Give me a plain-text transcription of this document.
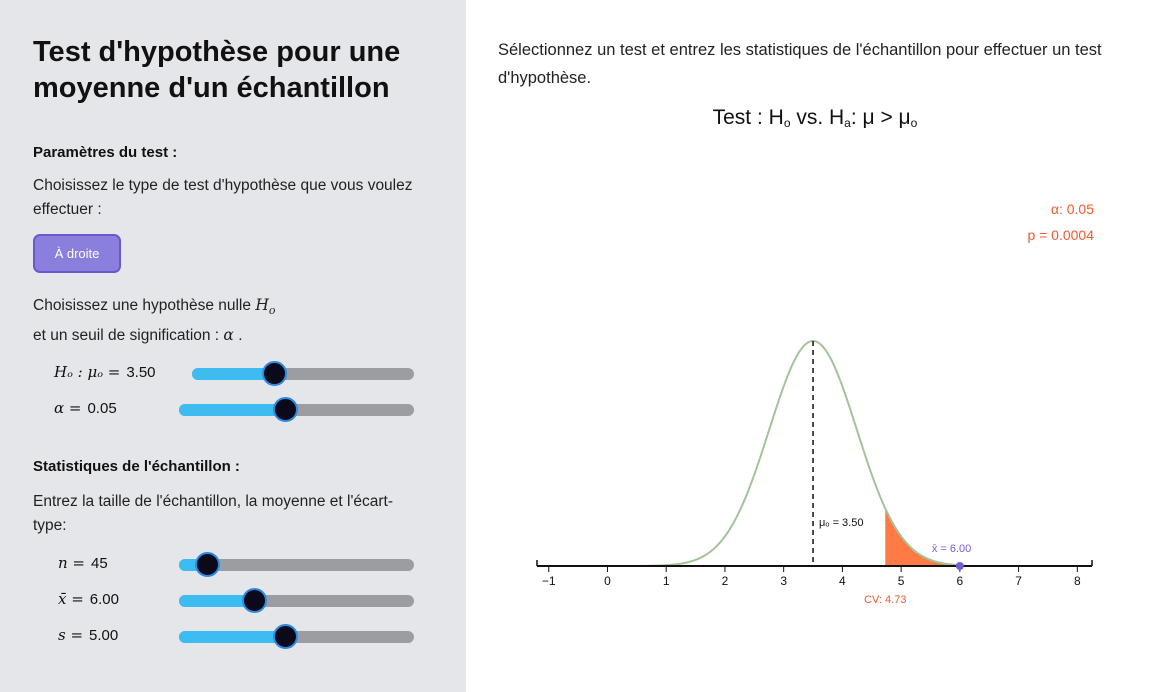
Test d'hypothèse pour une moyenne d'un échantillon
Paramètres du test :
Choisissez le type de test d'hypothèse que vous voulez effectuer :
À droite
Choisissez une hypothèse nulle $H_o$
et un seuil de signification : α .
Statistiques de l'échantillon :
Entrez la taille de l'échantillon, la moyenne et l'écart-type:
Hₒ : μₒ = 3.50
α = 0.05
n = 45
x̄ = 6.00
s = 5.00
Sélectionnez un test et entrez les statistiques de l'échantillon pour effectuer un test d'hypothèse.
Test : $H_o$ vs. $H_a$: $\mu > \mu_o$
α: 0.05
p = 0.0004
μₒ = 3.50
−1	0	1	2	3	4	5	6	7	8
x̄ = 6.00
CV: 4.73
